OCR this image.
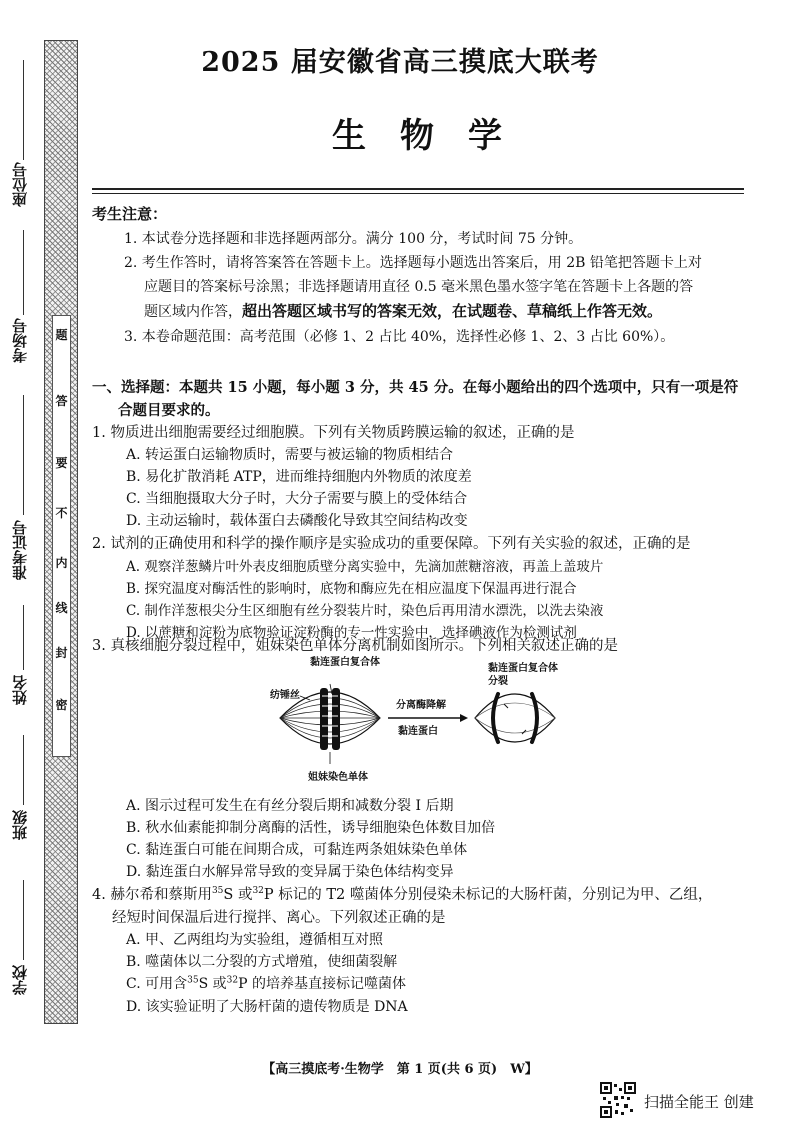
题
答
要
不
内
线
封
密
座位号
考场号
准考证号
姓名
班级
学校
2025 届安徽省高三摸底大联考
生物学
考生注意：
1. 本试卷分选择题和非选择题两部分。满分 100 分，考试时间 75 分钟。
2. 考生作答时，请将答案答在答题卡上。选择题每小题选出答案后，用 2B 铅笔把答题卡上对
应题目的答案标号涂黑；非选择题请用直径 0.5 毫米黑色墨水签字笔在答题卡上各题的答
题区域内作答，超出答题区域书写的答案无效，在试题卷、草稿纸上作答无效。
3. 本卷命题范围：高考范围（必修 1、2 占比 40%，选择性必修 1、2、3 占比 60%）。
一、选择题：本题共 15 小题，每小题 3 分，共 45 分。在每小题给出的四个选项中，只有一项是符
合题目要求的。
1. 物质进出细胞需要经过细胞膜。下列有关物质跨膜运输的叙述，正确的是
A. 转运蛋白运输物质时，需要与被运输的物质相结合
B. 易化扩散消耗 ATP，进而维持细胞内外物质的浓度差
C. 当细胞摄取大分子时，大分子需要与膜上的受体结合
D. 主动运输时，载体蛋白去磷酸化导致其空间结构改变
2. 试剂的正确使用和科学的操作顺序是实验成功的重要保障。下列有关实验的叙述，正确的是
A. 观察洋葱鳞片叶外表皮细胞质壁分离实验中，先滴加蔗糖溶液，再盖上盖玻片
B. 探究温度对酶活性的影响时，底物和酶应先在相应温度下保温再进行混合
C. 制作洋葱根尖分生区细胞有丝分裂装片时，染色后再用清水漂洗，以洗去染液
D. 以蔗糖和淀粉为底物验证淀粉酶的专一性实验中，选择碘液作为检测试剂
3. 真核细胞分裂过程中，姐妹染色单体分离机制如图所示。下列相关叙述正确的是
黏连蛋白复合体
纺锤丝
分离酶降解
黏连蛋白
黏连蛋白复合体分裂
姐妹染色单体
A. 图示过程可发生在有丝分裂后期和减数分裂 Ⅰ 后期
B. 秋水仙素能抑制分离酶的活性，诱导细胞染色体数目加倍
C. 黏连蛋白可能在间期合成，可黏连两条姐妹染色单体
D. 黏连蛋白水解异常导致的变异属于染色体结构变异
4. 赫尔希和蔡斯用$^{35}$S 或$^{32}$P 标记的 T2 噬菌体分别侵染未标记的大肠杆菌，分别记为甲、乙组，
经短时间保温后进行搅拌、离心。下列叙述正确的是
A. 甲、乙两组均为实验组，遵循相互对照
B. 噬菌体以二分裂的方式增殖，使细菌裂解
C. 可用含$^{35}$S 或$^{32}$P 的培养基直接标记噬菌体
D. 该实验证明了大肠杆菌的遗传物质是 DNA
【高三摸底考·生物学　第 1 页(共 6 页)　W】
扫描全能王 创建
